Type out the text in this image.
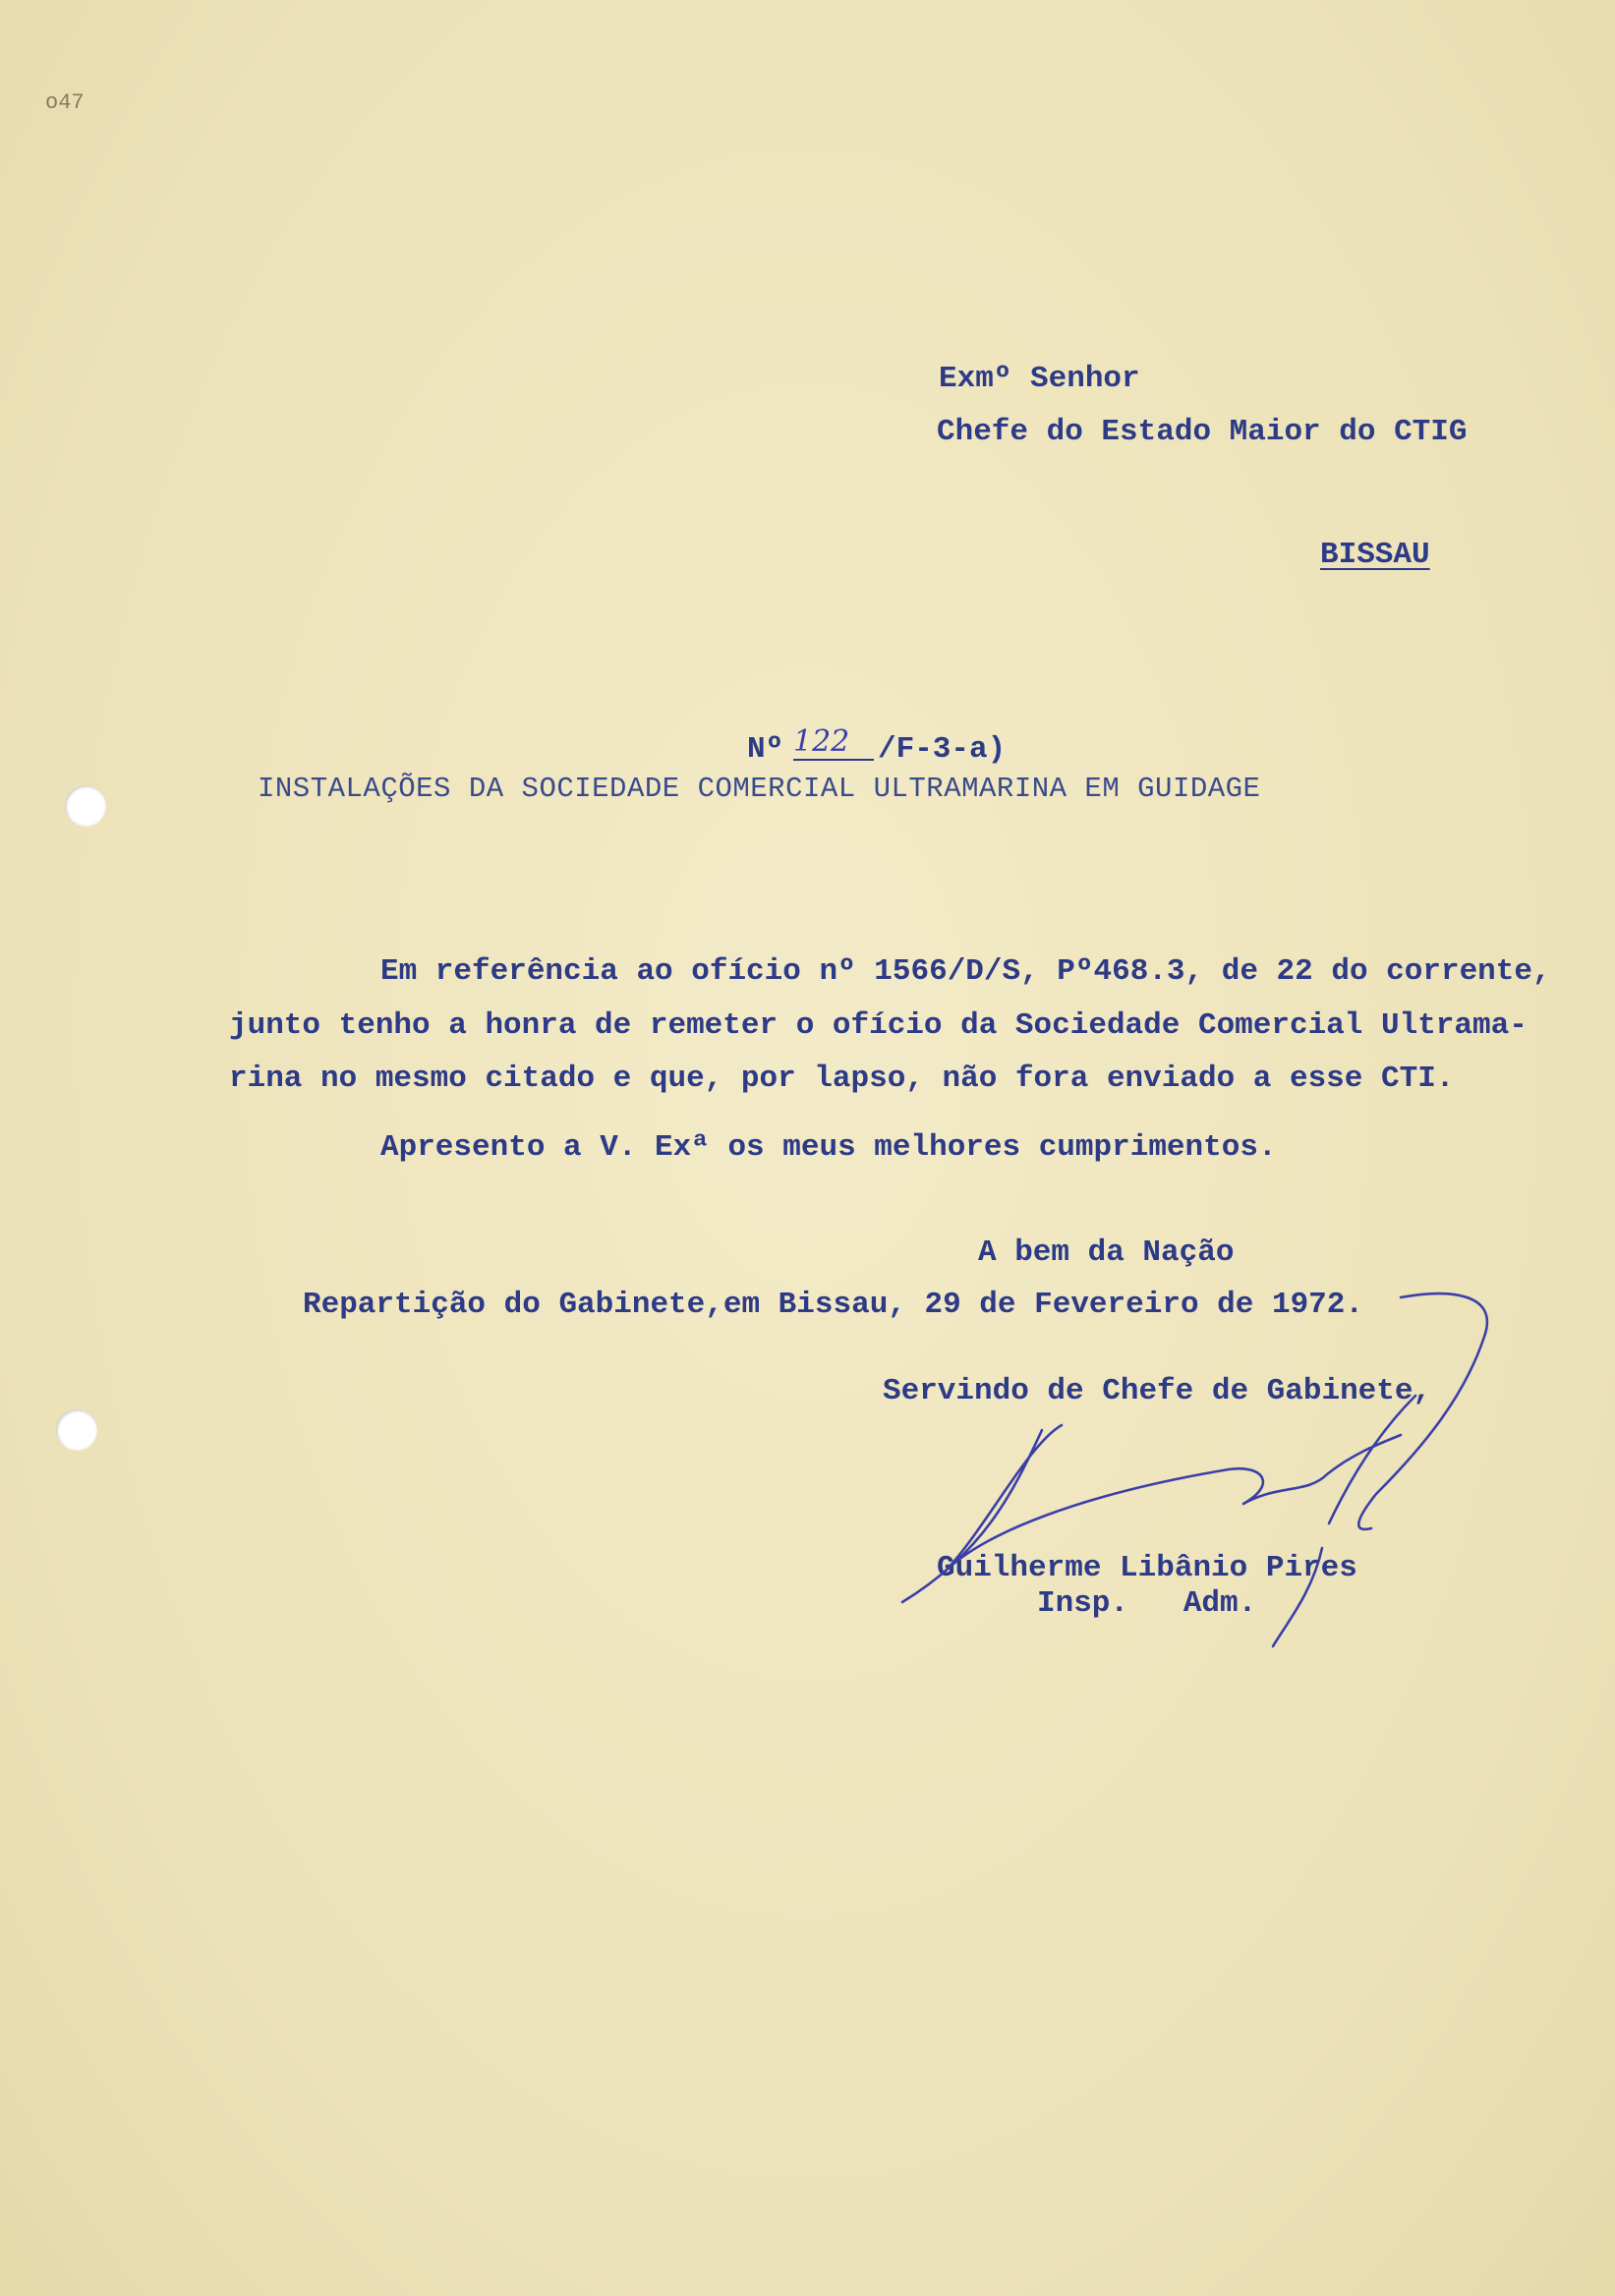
o47

Exmº Senhor

Chefe do Estado Maior do CTIG

BISSAU

Nº 122 /F-3-a)

INSTALAÇÕES DA SOCIEDADE COMERCIAL ULTRAMARINA EM GUIDAGE

Em referência ao ofício nº 1566/D/S, Pº468.3, de 22 do corrente,

junto tenho a honra de remeter o ofício da Sociedade Comercial Ultrama-

rina no mesmo citado e que, por lapso, não fora enviado a esse CTI.

Apresento a V. Exª os meus melhores cumprimentos.

A bem da Nação

Repartição do Gabinete,em Bissau, 29 de Fevereiro de 1972.

Servindo de Chefe de Gabinete,

Guilherme Libânio Pires

Insp.   Adm.
